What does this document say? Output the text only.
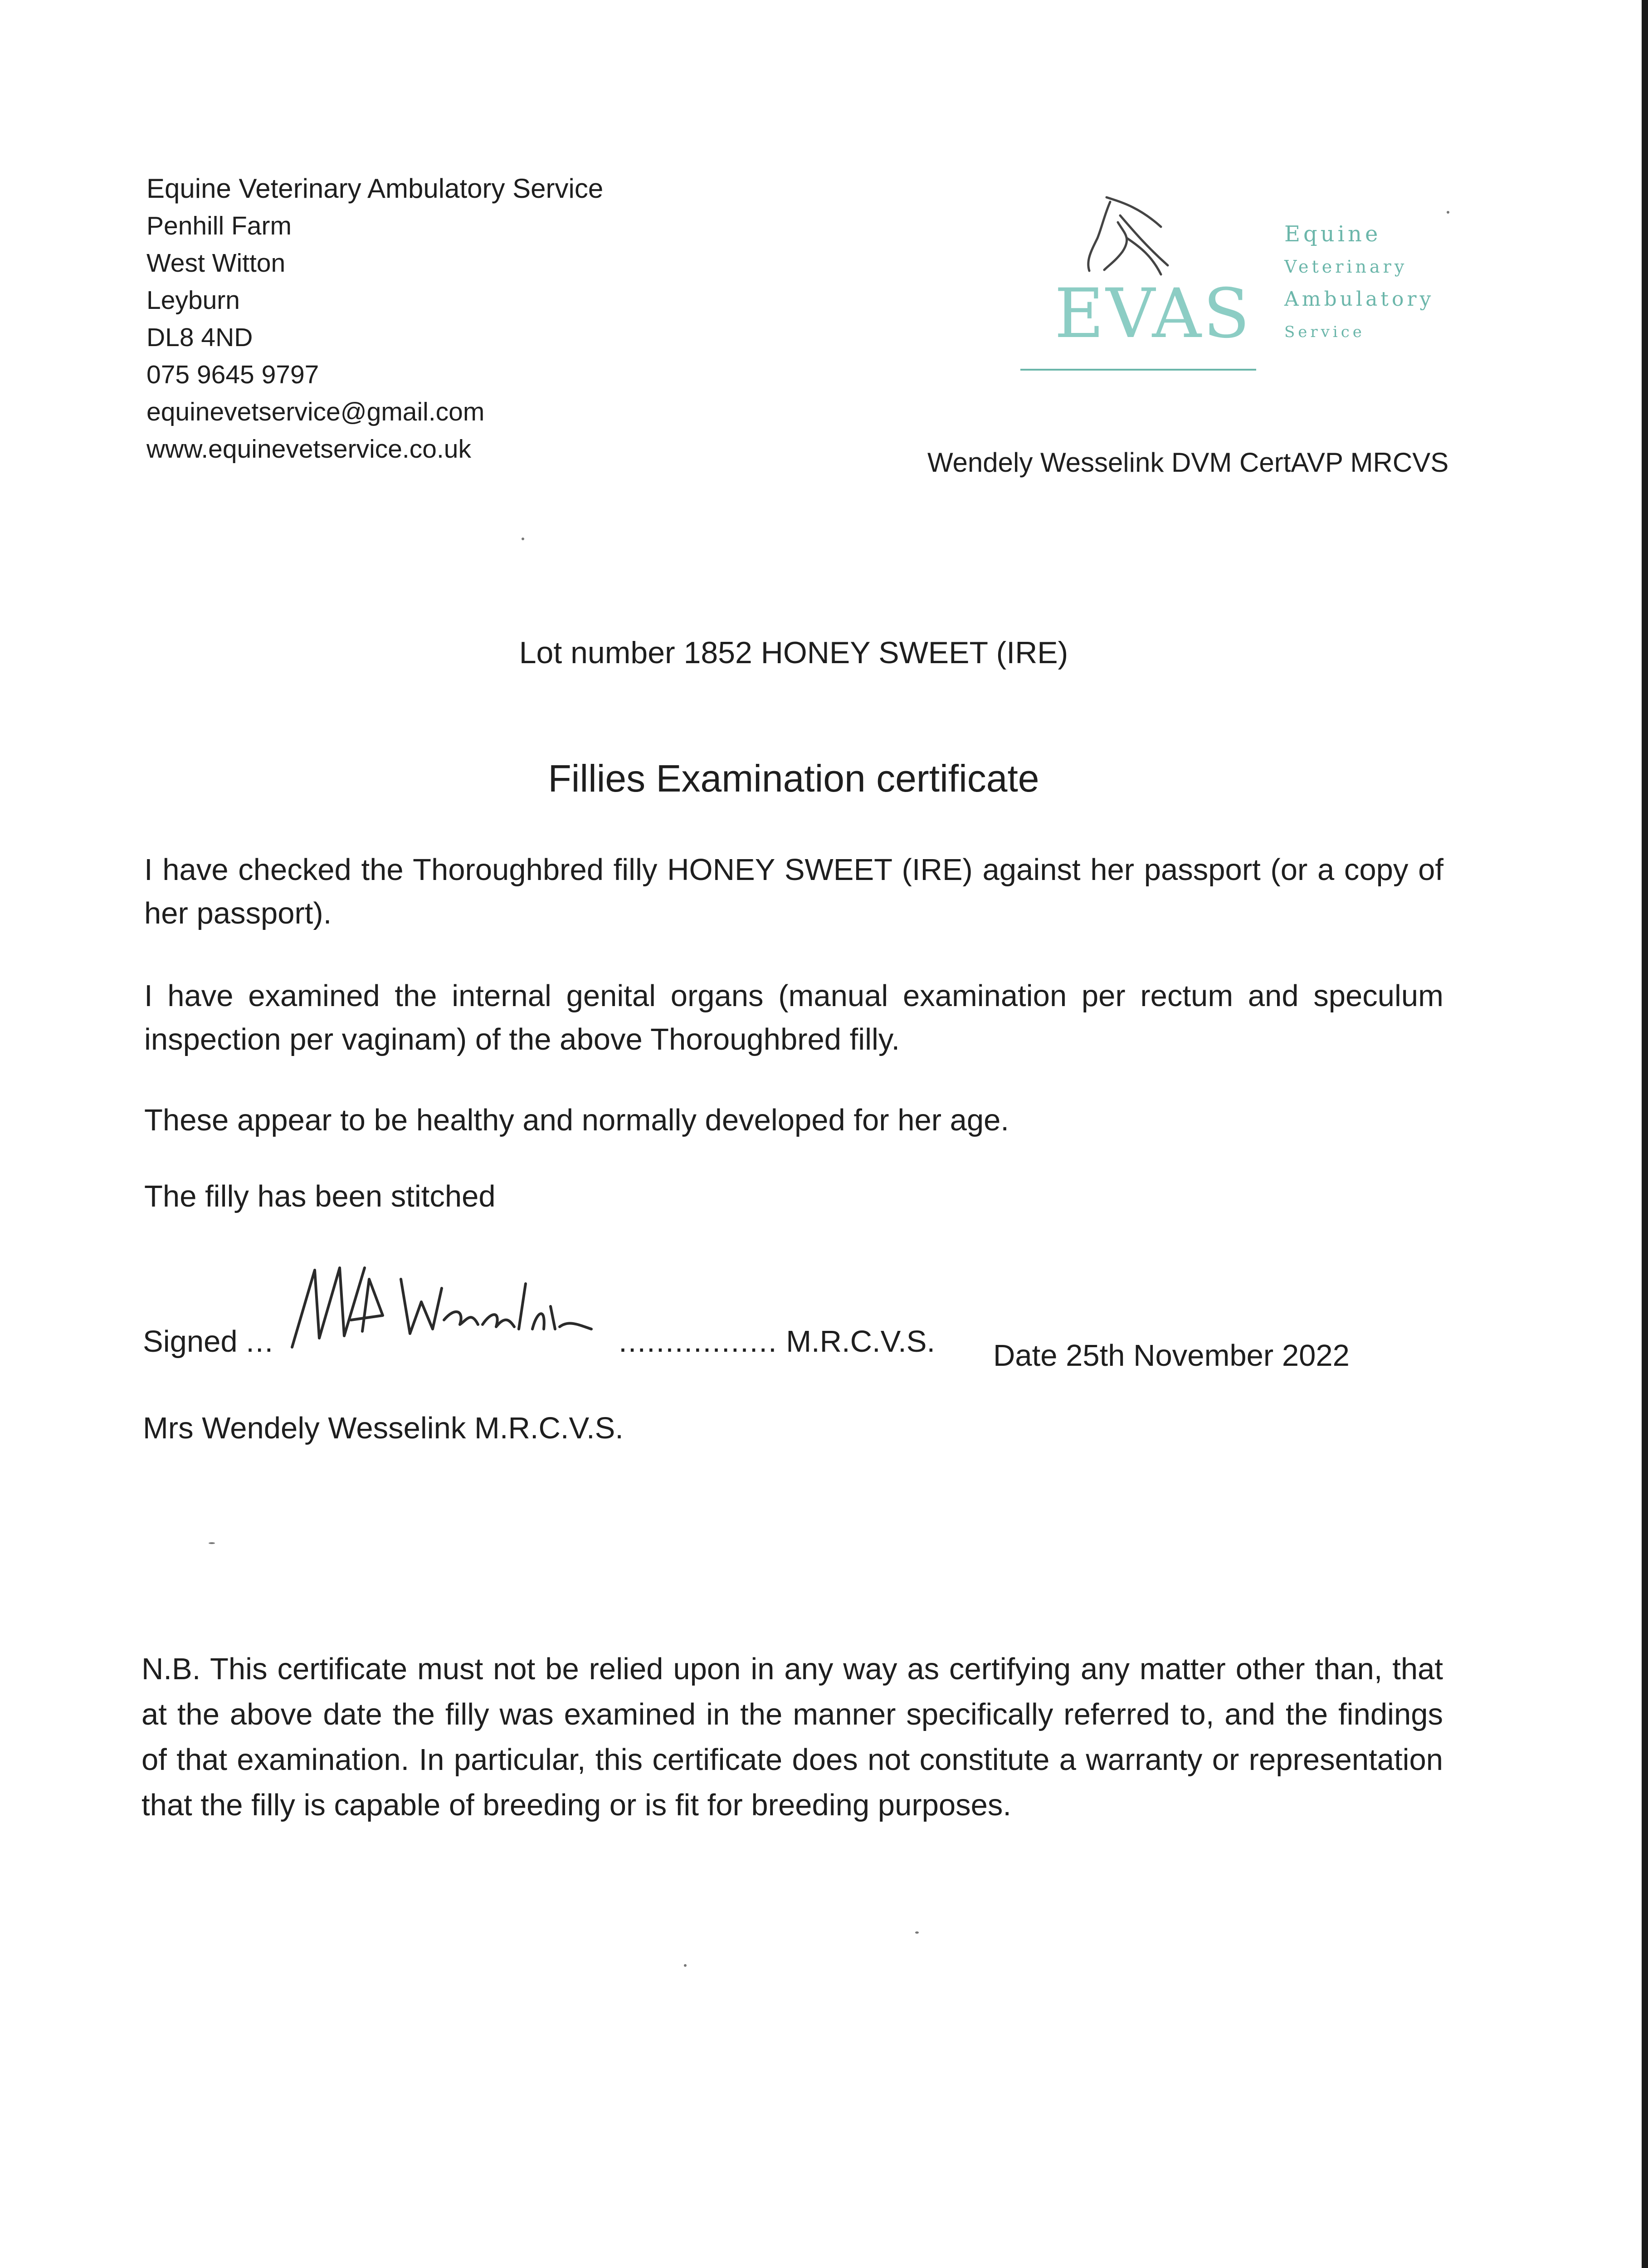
Equine Veterinary Ambulatory Service
Penhill Farm
West Witton
Leyburn
DL8 4ND
075 9645 9797
equinevetservice@gmail.com
www.equinevetservice.co.uk
EVAS
Equine
Veterinary
Ambulatory
Service
Wendely Wesselink DVM CertAVP MRCVS
Lot number 1852 HONEY SWEET (IRE)
Fillies Examination certificate
I have checked the Thoroughbred filly HONEY SWEET (IRE) against her passport (or a copy of her passport).
I have examined the internal genital organs (manual examination per rectum and speculum inspection per vaginam) of the above Thoroughbred filly.
These appear to be healthy and normally developed for her age.
The filly has been stitched
Signed ...	................. M.R.C.V.S. Date 25th November 2022
Mrs Wendely Wesselink M.R.C.V.S.
N.B. This certificate must not be relied upon in any way as certifying any matter other than, that at the above date the filly was examined in the manner specifically referred to, and the findings of that examination. In particular, this certificate does not constitute a warranty or representation that the filly is capable of breeding or is fit for breeding purposes.
